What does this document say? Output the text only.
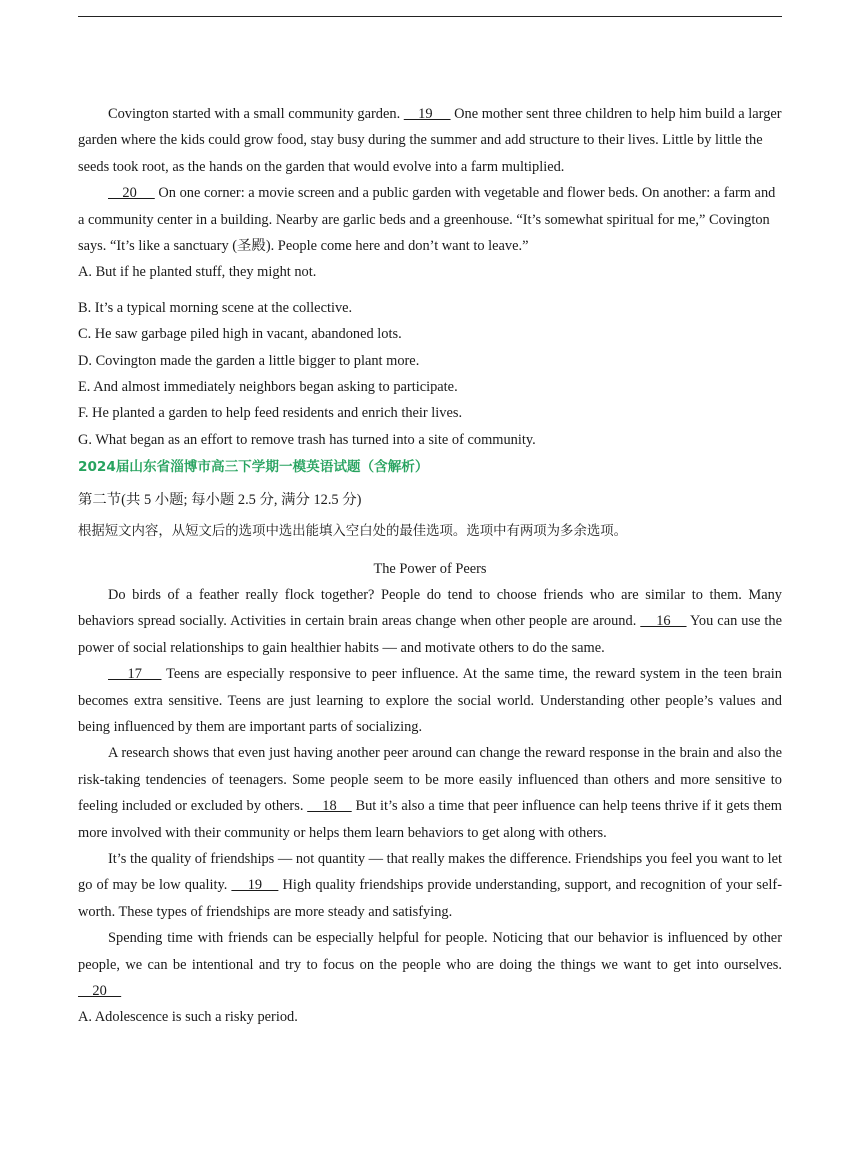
Covington started with a small community garden.     19      One mother sent three children to help him build a larger garden where the kids could grow food, stay busy during the summer and add structure to their lives. Little by little the seeds took root, as the hands on the garden that would evolve into a farm multiplied.

20      On one corner: a movie screen and a public garden with vegetable and flower beds. On another: a farm and a community center in a building. Nearby are garlic beds and a greenhouse. “It’s somewhat spiritual for me,” Covington says. “It’s like a sanctuary (圣殿). People come here and don’t want to leave.”

A. But if he planted stuff, they might not.

B. It’s a typical morning scene at the collective.

C. He saw garbage piled high in vacant, abandoned lots.

D. Covington made the garden a little bigger to plant more.

E. And almost immediately neighbors began asking to participate.

F. He planted a garden to help feed residents and enrich their lives.

G. What began as an effort to remove trash has turned into a site of community.

2024届山东省淄博市高三下学期一模英语试题（含解析）

第二节(共 5 小题; 每小题 2.5 分, 满分 12.5 分)

根据短文内容，从短文后的选项中选出能填入空白处的最佳选项。选项中有两项为多余选项。

The Power of Peers

Do birds of a feather really flock together? People do tend to choose friends who are similar to them. Many behaviors spread socially. Activities in certain brain areas change when other people are around.     16     You can use the power of social relationships to gain healthier habits — and motivate others to do the same.

17     Teens are especially responsive to peer influence. At the same time, the reward system in the teen brain becomes extra sensitive. Teens are just learning to explore the social world. Understanding other people’s values and being influenced by them are important parts of socializing.

A research shows that even just having another peer around can change the reward response in the brain and also the risk-taking tendencies of teenagers. Some people seem to be more easily influenced than others and more sensitive to feeling included or excluded by others.     18     But it’s also a time that peer influence can help teens thrive if it gets them more involved with their community or helps them learn behaviors to get along with others.

It’s the quality of friendships — not quantity — that really makes the difference. Friendships you feel you want to let go of may be low quality.     19     High quality friendships provide understanding, support, and recognition of your self-worth. These types of friendships are more steady and satisfying.

Spending time with friends can be especially helpful for people. Noticing that our behavior is influenced by other people, we can be intentional and try to focus on the people who are doing the things we want to get into ourselves.     20

A. Adolescence is such a risky period.
